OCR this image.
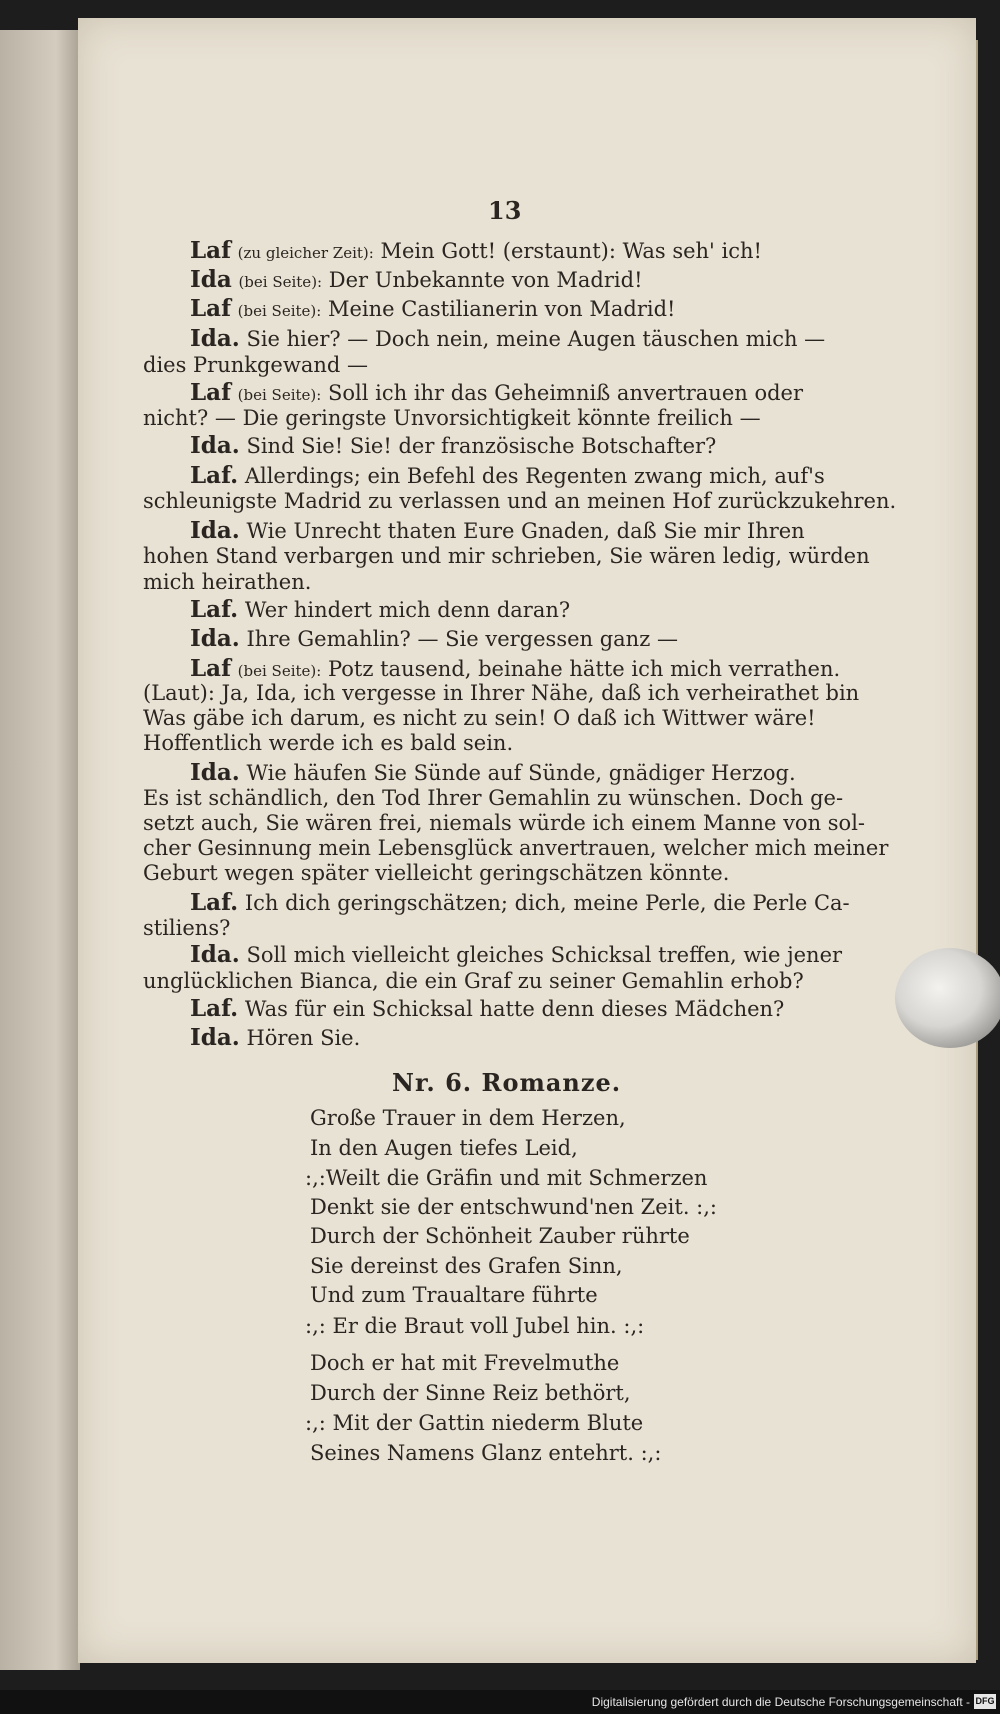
13
Laf (zu gleicher Zeit): Mein Gott! (erstaunt): Was seh' ich!
Ida (bei Seite): Der Unbekannte von Madrid!
Laf (bei Seite): Meine Castilianerin von Madrid!
Ida. Sie hier? — Doch nein, meine Augen täuschen mich —
dies Prunkgewand —
Laf (bei Seite): Soll ich ihr das Geheimniß anvertrauen oder
nicht? — Die geringste Unvorsichtigkeit könnte freilich —
Ida. Sind Sie! Sie! der französische Botschafter?
Laf. Allerdings; ein Befehl des Regenten zwang mich, auf's
schleunigste Madrid zu verlassen und an meinen Hof zurückzukehren.
Ida. Wie Unrecht thaten Eure Gnaden, daß Sie mir Ihren
hohen Stand verbargen und mir schrieben, Sie wären ledig, würden
mich heirathen.
Laf. Wer hindert mich denn daran?
Ida. Ihre Gemahlin? — Sie vergessen ganz —
Laf (bei Seite): Potz tausend, beinahe hätte ich mich verrathen.
(Laut): Ja, Ida, ich vergesse in Ihrer Nähe, daß ich verheirathet bin
Was gäbe ich darum, es nicht zu sein! O daß ich Wittwer wäre!
Hoffentlich werde ich es bald sein.
Ida. Wie häufen Sie Sünde auf Sünde, gnädiger Herzog.
Es ist schändlich, den Tod Ihrer Gemahlin zu wünschen. Doch ge-
setzt auch, Sie wären frei, niemals würde ich einem Manne von sol-
cher Gesinnung mein Lebensglück anvertrauen, welcher mich meiner
Geburt wegen später vielleicht geringschätzen könnte.
Laf. Ich dich geringschätzen; dich, meine Perle, die Perle Ca-
stiliens?
Ida. Soll mich vielleicht gleiches Schicksal treffen, wie jener
unglücklichen Bianca, die ein Graf zu seiner Gemahlin erhob?
Laf. Was für ein Schicksal hatte denn dieses Mädchen?
Ida. Hören Sie.
Nr. 6. Romanze.
Große Trauer in dem Herzen,
In den Augen tiefes Leid,
:,:Weilt die Gräfin und mit Schmerzen
Denkt sie der entschwund'nen Zeit. :,:
Durch der Schönheit Zauber rührte
Sie dereinst des Grafen Sinn,
Und zum Traualtare führte
:,: Er die Braut voll Jubel hin. :,:
Doch er hat mit Frevelmuthe
Durch der Sinne Reiz bethört,
:,: Mit der Gattin niederm Blute
Seines Namens Glanz entehrt. :,:
Digitalisierung gefördert durch die Deutsche Forschungsgemeinschaft - DFG
